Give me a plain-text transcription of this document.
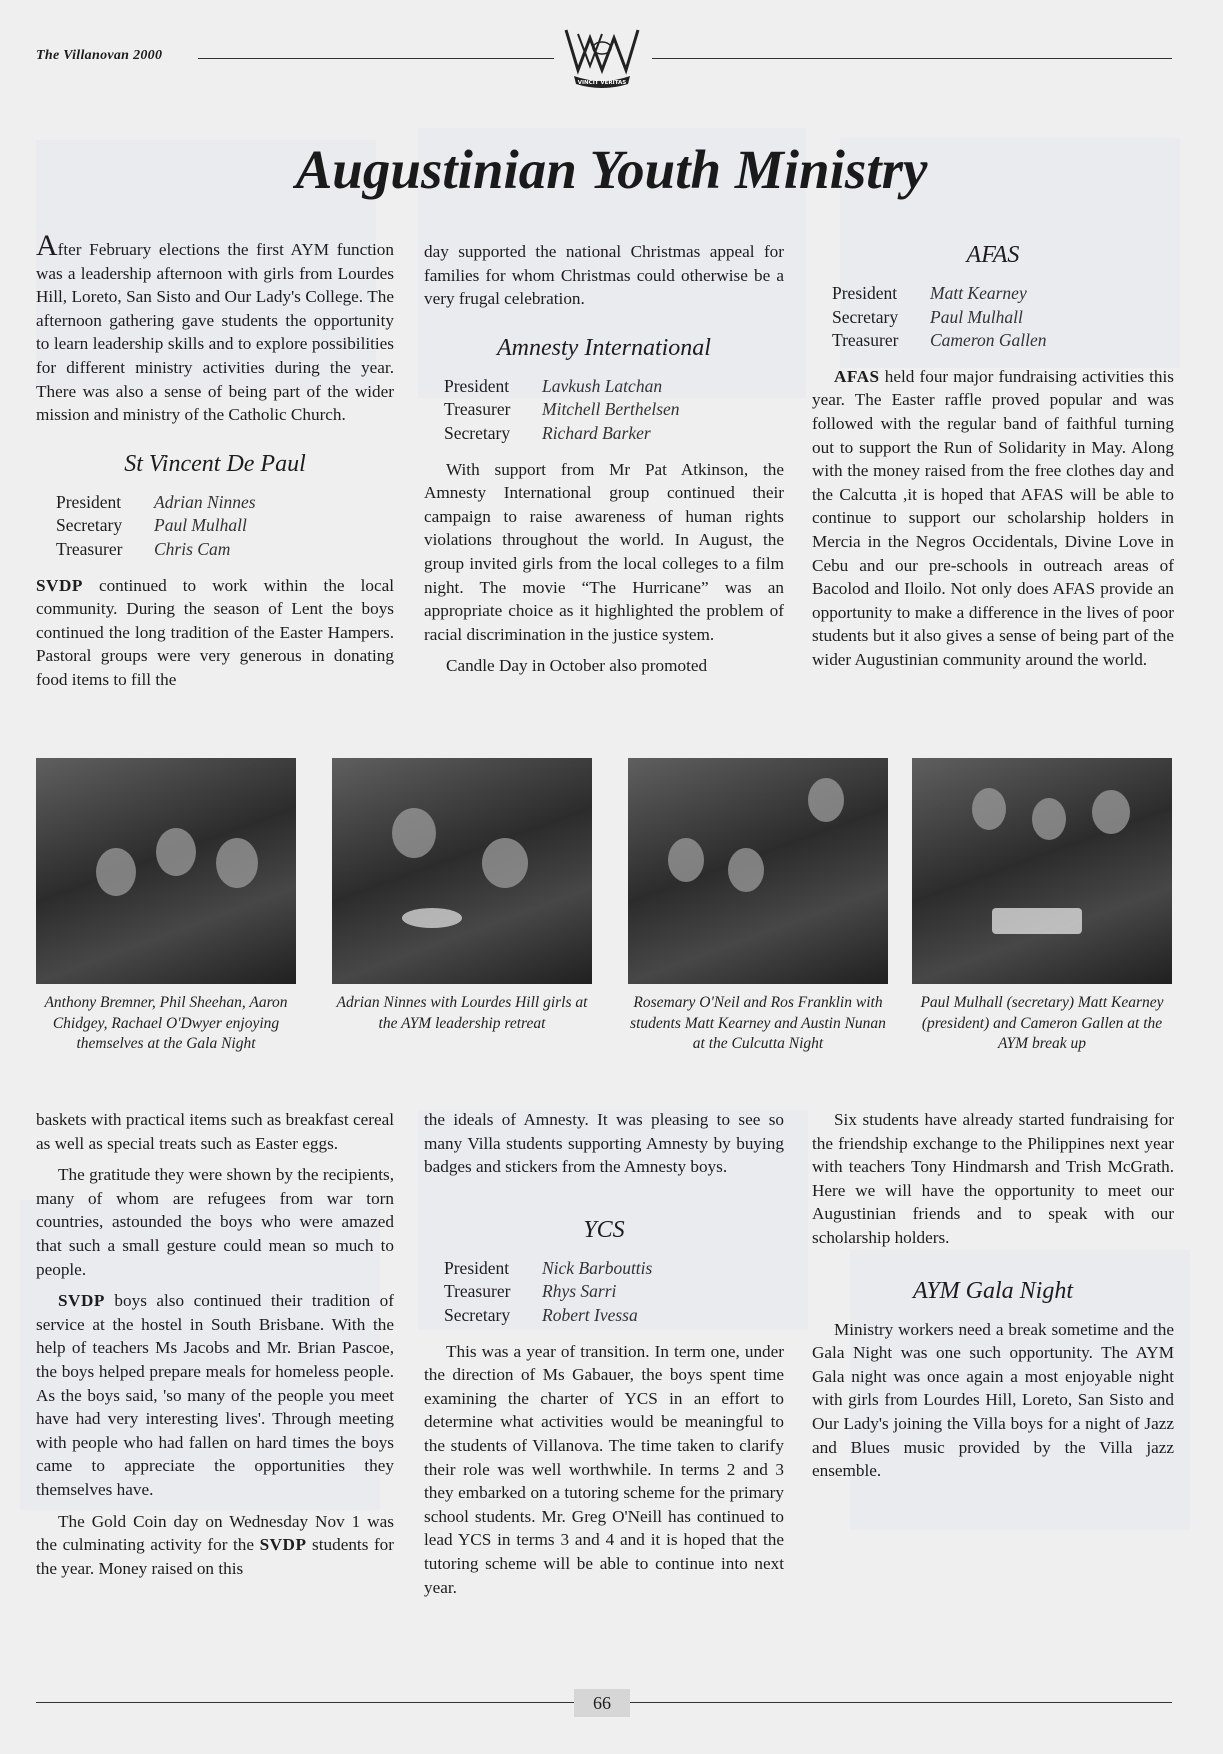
The Villanovan 2000
VINCIT VERITAS
Augustinian Youth Ministry

After February elections the first AYM function was a leadership afternoon with girls from Lourdes Hill, Loreto, San Sisto and Our Lady's College. The afternoon gathering gave students the opportunity to learn leadership skills and to explore possibilities for different ministry activities during the year. There was also a sense of being part of the wider mission and ministry of the Catholic Church.

St Vincent De Paul
President	Adrian Ninnes
Secretary	Paul Mulhall
Treasurer	Chris Cam

SVDP continued to work within the local community. During the season of Lent the boys continued the long tradition of the Easter Hampers. Pastoral groups were very generous in donating food items to fill the

day supported the national Christmas appeal for families for whom Christmas could otherwise be a very frugal celebration.

Amnesty International
President	Lavkush Latchan
Treasurer	Mitchell Berthelsen
Secretary	Richard Barker

With support from Mr Pat Atkinson, the Amnesty International group continued their campaign to raise awareness of human rights violations throughout the world. In August, the group invited girls from the local colleges to a film night. The movie “The Hurricane” was an appropriate choice as it highlighted the problem of racial discrimination in the justice system.

Candle Day in October also promoted

AFAS
President	Matt Kearney
Secretary	Paul Mulhall
Treasurer	Cameron Gallen

AFAS held four major fundraising activities this year. The Easter raffle proved popular and was followed with the regular band of faithful turning out to support the Run of Solidarity in May. Along with the money raised from the free clothes day and the Calcutta ,it is hoped that AFAS will be able to continue to support our scholarship holders in Mercia in the Negros Occidentals, Divine Love in Cebu and our pre-schools in outreach areas of Bacolod and Iloilo. Not only does AFAS provide an opportunity to make a difference in the lives of poor students but it also gives a sense of being part of the wider Augustinian community around the world.

Anthony Bremner, Phil Sheehan, Aaron Chidgey, Rachael O'Dwyer enjoying themselves at the Gala Night
Adrian Ninnes with Lourdes Hill girls at the AYM leadership retreat
Rosemary O'Neil and Ros Franklin with students Matt Kearney and Austin Nunan at the Culcutta Night
Paul Mulhall (secretary) Matt Kearney (president) and Cameron Gallen at the AYM break up

baskets with practical items such as breakfast cereal as well as special treats such as Easter eggs.

The gratitude they were shown by the recipients, many of whom are refugees from war torn countries, astounded the boys who were amazed that such a small gesture could mean so much to people.

SVDP boys also continued their tradition of service at the hostel in South Brisbane. With the help of teachers Ms Jacobs and Mr. Brian Pascoe, the boys helped prepare meals for homeless people. As the boys said, 'so many of the people you meet have had very interesting lives'. Through meeting with people who had fallen on hard times the boys came to appreciate the opportunities they themselves have.

The Gold Coin day on Wednesday Nov 1 was the culminating activity for the SVDP students for the year. Money raised on this

the ideals of Amnesty. It was pleasing to see so many Villa students supporting Amnesty by buying badges and stickers from the Amnesty boys.

YCS
President	Nick Barbouttis
Treasurer	Rhys Sarri
Secretary	Robert Ivessa

This was a year of transition. In term one, under the direction of Ms Gabauer, the boys spent time examining the charter of YCS in an effort to determine what activities would be meaningful to the students of Villanova. The time taken to clarify their role was well worthwhile. In terms 2 and 3 they embarked on a tutoring scheme for the primary school students. Mr. Greg O'Neill has continued to lead YCS in terms 3 and 4 and it is hoped that the tutoring scheme will be able to continue into next year.

Six students have already started fundraising for the friendship exchange to the Philippines next year with teachers Tony Hindmarsh and Trish McGrath. Here we will have the opportunity to meet our Augustinian friends and to speak with our scholarship holders.

AYM Gala Night

Ministry workers need a break sometime and the Gala Night was one such opportunity. The AYM Gala night was once again a most enjoyable night with girls from Lourdes Hill, Loreto, San Sisto and Our Lady's joining the Villa boys for a night of Jazz and Blues music provided by the Villa jazz ensemble.

66
